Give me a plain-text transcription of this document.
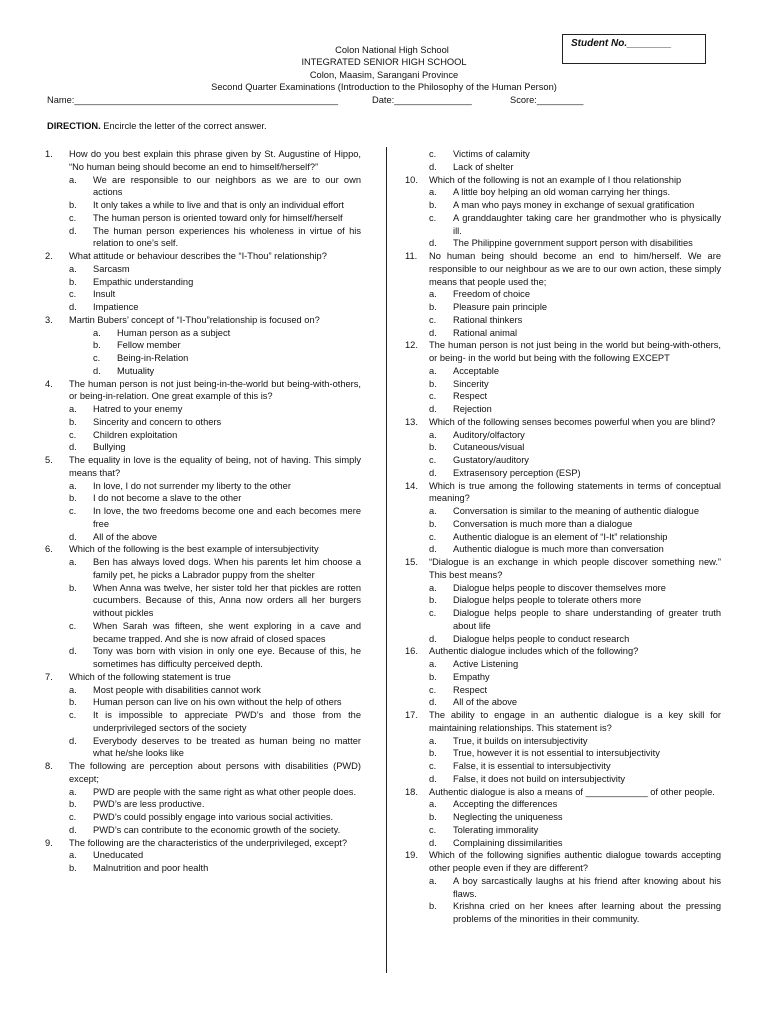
Student No.________
Colon National High School
INTEGRATED SENIOR HIGH SCHOOL
Colon, Maasim, Sarangani Province
Second Quarter Examinations (Introduction to the Philosophy of the Human Person)
Name:___________________________________________________	Date:_______________	Score:_________
DIRECTION. Encircle the letter of the correct answer.
1.	How do you best explain this phrase given by St. Augustine of Hippo, “No human being should become an end to himself/herself?”
a.	We are responsible to our neighbors as we are to our own actions
b.	It only takes a while to live and that is only an individual effort
c.	The human person is oriented toward only for himself/herself
d.	The human person experiences his wholeness in virtue of his relation to one’s self.
2.	What attitude or behaviour describes the “I-Thou” relationship?
a.	Sarcasm
b.	Empathic understanding
c.	Insult
d.	Impatience
3.	Martin Bubers’ concept of “I-Thou”relationship is focused on?
a.	Human person as a subject
b.	Fellow member
c.	Being-in-Relation
d.	Mutuality
4.	The human person is not just being-in-the-world but being-with-others, or being-in-relation. One great example of this is?
a.	Hatred to your enemy
b.	Sincerity and concern to others
c.	Children exploitation
d.	Bullying
5.	The equality in love is the equality of being, not of having. This simply means that?
a.	In love, I do not surrender my liberty to the other
b.	I do not become a slave to the other
c.	In love, the two freedoms become one and each becomes mere free
d.	All of the above
6.	Which of the following is the best example of intersubjectivity
a.	Ben has always loved dogs. When his parents let him choose a family pet, he picks a Labrador puppy from the shelter
b.	When Anna was twelve, her sister told her that pickles are rotten cucumbers. Because of this, Anna now orders all her burgers without pickles
c.	When Sarah was fifteen, she went exploring in a cave and became trapped. And she is now afraid of closed spaces
d.	Tony was born with vision in only one eye. Because of this, he sometimes has difficulty perceived depth.
7.	Which of the following statement is true
a.	Most people with disabilities cannot work
b.	Human person can live on his own without the help of others
c.	It is impossible to appreciate PWD’s and those from the underprivileged sectors of the society
d.	Everybody deserves to be treated as human being no matter what he/she looks like
8.	The following are perception about persons with disabilities (PWD) except;
a.	PWD are people with the same right as what other people does.
b.	PWD’s are less productive.
c.	PWD’s could possibly engage into various social activities.
d.	PWD’s can contribute to the economic growth of the society.
9.	The following are the characteristics of the underprivileged, except?
a.	Uneducated
b.	Malnutrition and poor health
c.	Victims of calamity
d.	Lack of shelter
10.	Which of the following is not an example of I thou relationship
a.	A little boy helping an old woman carrying her things.
b.	A man who pays money in exchange of sexual gratification
c.	A granddaughter taking care her grandmother who is physically ill.
d.	The Philippine government support person with disabilities
11.	No human being should become an end to him/herself. We are responsible to our neighbour as we are to our own action, these simply means that people used the;
a.	Freedom of choice
b.	Pleasure pain principle
c.	Rational thinkers
d.	Rational animal
12.	The human person is not just being in the world but being-with-others, or being- in the world but being with the following EXCEPT
a.	Acceptable
b.	Sincerity
c.	Respect
d.	Rejection
13.	Which of the following senses becomes powerful when you are blind?
a.	Auditory/olfactory
b.	Cutaneous/visual
c.	Gustatory/auditory
d.	Extrasensory perception (ESP)
14.	Which is true among the following statements in terms of conceptual meaning?
a.	Conversation is similar to the meaning of authentic dialogue
b.	Conversation is much more than a dialogue
c.	Authentic dialogue is an element of “I-It” relationship
d.	Authentic dialogue is much more than conversation
15.	“Dialogue is an exchange in which people discover something new.” This best means?
a.	Dialogue helps people to discover themselves more
b.	Dialogue helps people to tolerate others more
c.	Dialogue helps people to share understanding of greater truth about life
d.	Dialogue helps people to conduct research
16.	Authentic dialogue includes which of the following?
a.	Active Listening
b.	Empathy
c.	Respect
d.	All of the above
17.	The ability to engage in an authentic dialogue is a key skill for maintaining relationships. This statement is?
a.	True, it builds on intersubjectivity
b.	True, however it is not essential to intersubjectivity
c.	False, it is essential to intersubjectivity
d.	False, it does not build on intersubjectivity
18.	Authentic dialogue is also a means of ____________ of other people.
a.	Accepting the differences
b.	Neglecting the uniqueness
c.	Tolerating immorality
d.	Complaining dissimilarities
19.	Which of the following signifies authentic dialogue towards accepting other people even if they are different?
a.	A boy sarcastically laughs at his friend after knowing about his flaws.
b.	Krishna cried on her knees after learning about the pressing problems of the minorities in their community.
